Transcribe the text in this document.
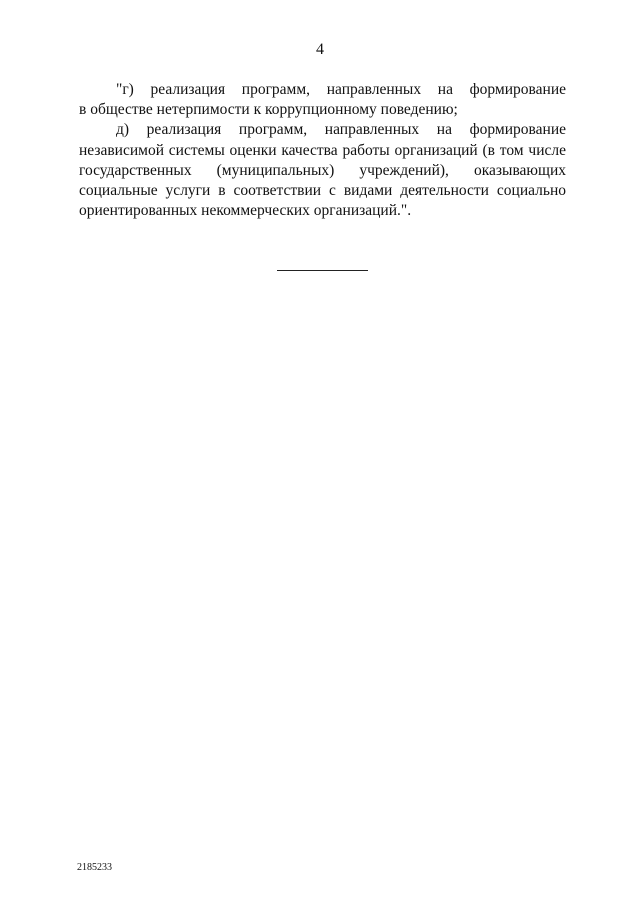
4

"г) реализация программ, направленных на формирование
в обществе нетерпимости к коррупционному поведению;

д) реализация программ, направленных на формирование
независимой системы оценки качества работы организаций (в том числе
государственных (муниципальных) учреждений), оказывающих
социальные услуги в соответствии с видами деятельности социально
ориентированных некоммерческих организаций.".

2185233
